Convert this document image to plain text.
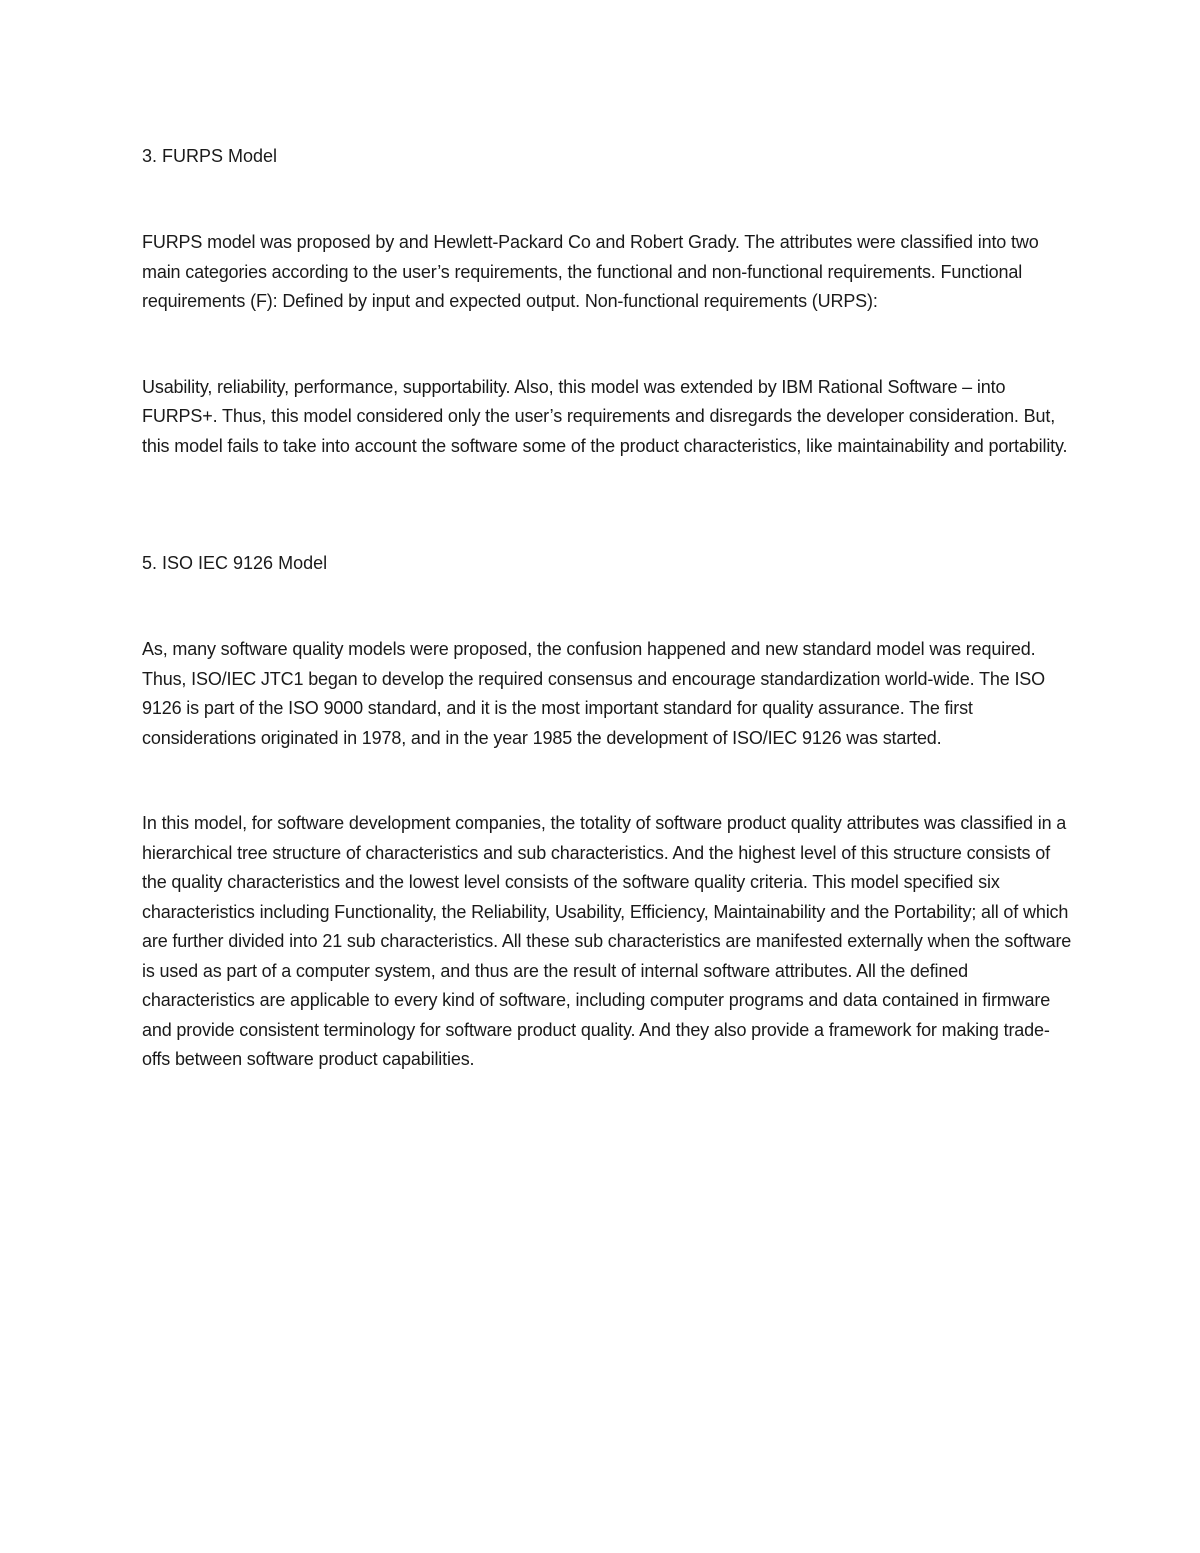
3. FURPS Model

FURPS model was proposed by and Hewlett-Packard Co and Robert Grady. The attributes were classified into two main categories according to the user’s requirements, the functional and non-functional requirements. Functional requirements (F): Defined by input and expected output. Non-functional requirements (URPS):

Usability, reliability, performance, supportability. Also, this model was extended by IBM Rational Software – into FURPS+. Thus, this model considered only the user’s requirements and disregards the developer consideration. But, this model fails to take into account the software some of the product characteristics, like maintainability and portability.

5. ISO IEC 9126 Model

As, many software quality models were proposed, the confusion happened and new standard model was required. Thus, ISO/IEC JTC1 began to develop the required consensus and encourage standardization world-wide. The ISO 9126 is part of the ISO 9000 standard, and it is the most important standard for quality assurance. The first considerations originated in 1978, and in the year 1985 the development of ISO/IEC 9126 was started.

In this model, for software development companies, the totality of software product quality attributes was classified in a hierarchical tree structure of characteristics and sub characteristics. And the highest level of this structure consists of the quality characteristics and the lowest level consists of the software quality criteria. This model specified six characteristics including Functionality, the Reliability, Usability, Efficiency, Maintainability and the Portability; all of which are further divided into 21 sub characteristics. All these sub characteristics are manifested externally when the software is used as part of a computer system, and thus are the result of internal software attributes. All the defined characteristics are applicable to every kind of software, including computer programs and data contained in firmware and provide consistent terminology for software product quality. And they also provide a framework for making trade-offs between software product capabilities.
